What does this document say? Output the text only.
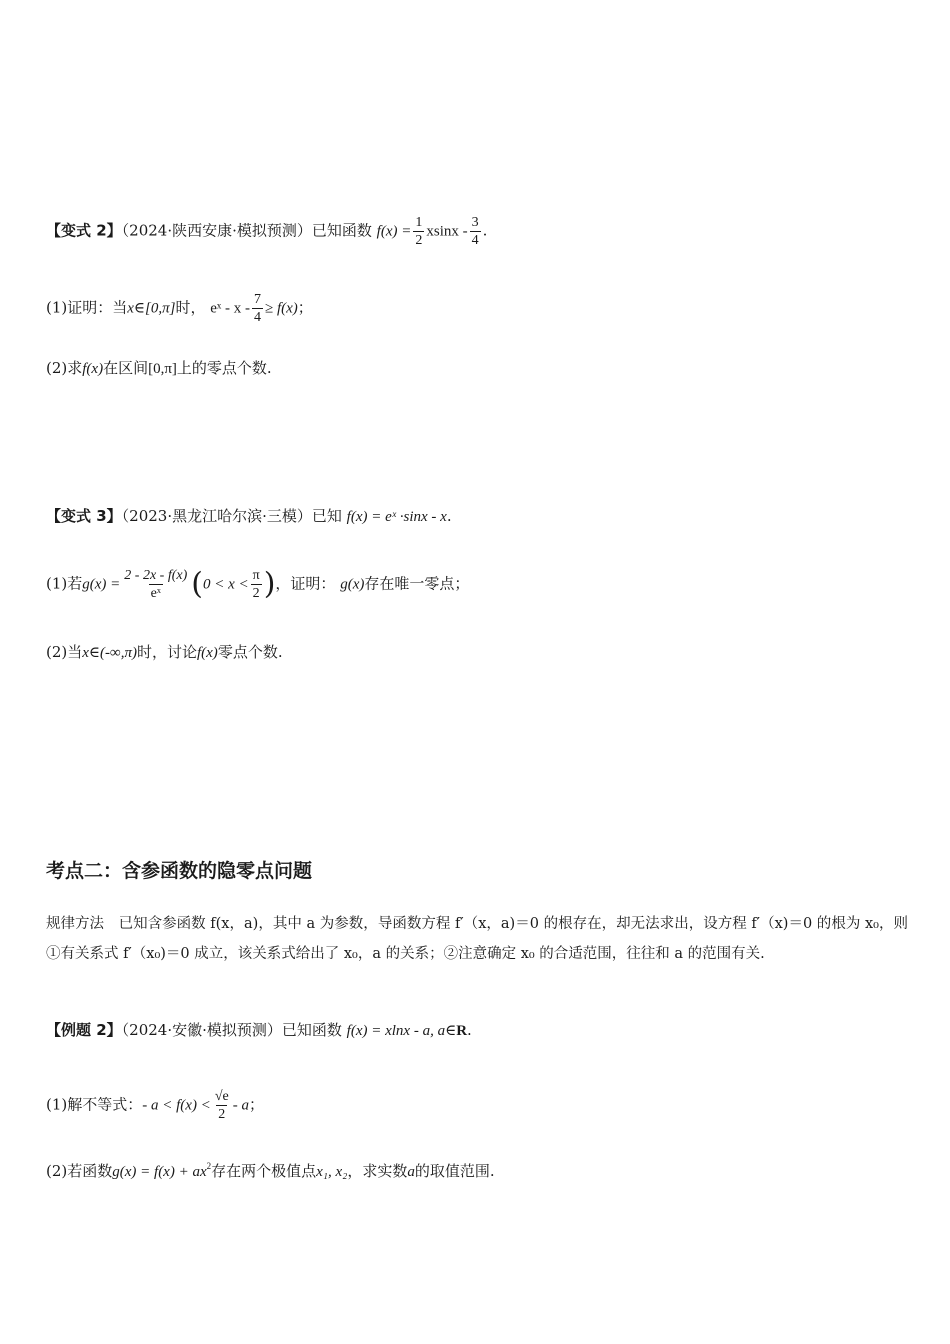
【变式 2】（2024·陕西安康·模拟预测）已知函数 $f(x) = \frac{1}{2}$ xsinx - $\frac{3}{4}$ .
(1)证明：当x∈[0,π]时， eˣ - $x - \frac{7}{4} \ge f(x)$；
(2)求f(x)在区间[0,π]上的零点个数.
【变式 3】（2023·黑龙江哈尔滨·三模）已知 f(x) = eˣ ·sinx - x.
(1)若$g(x) = \frac{2 - 2x - f(x)}{\text{eˣ}} (0 < x < \frac{\pi}{2}$ )，证明： g(x)存在唯一零点；
(2)当x∈(-∞,π)时，讨论f(x)零点个数.
考点二：含参函数的隐零点问题
规律方法　已知含参函数 f(x，a)，其中 a 为参数，导函数方程 f′（x，a)＝0 的根存在，却无法求出，设方程 f′（x)＝0 的根为 x₀，则①有关系式 f′（x₀)＝0 成立，该关系式给出了 x₀，a 的关系；②注意确定 x₀ 的合适范围，往往和 a 的范围有关.
【例题 2】（2024·安徽·模拟预测）已知函数 f(x) = xlnx - a, a∈R.
(1)解不等式：- $a < f(x) < \frac{√e}{2} - a$；
(2)若函数$g(x) = f(x) + ax^2$存在两个极值点x₁, x₂，求实数a的取值范围.
